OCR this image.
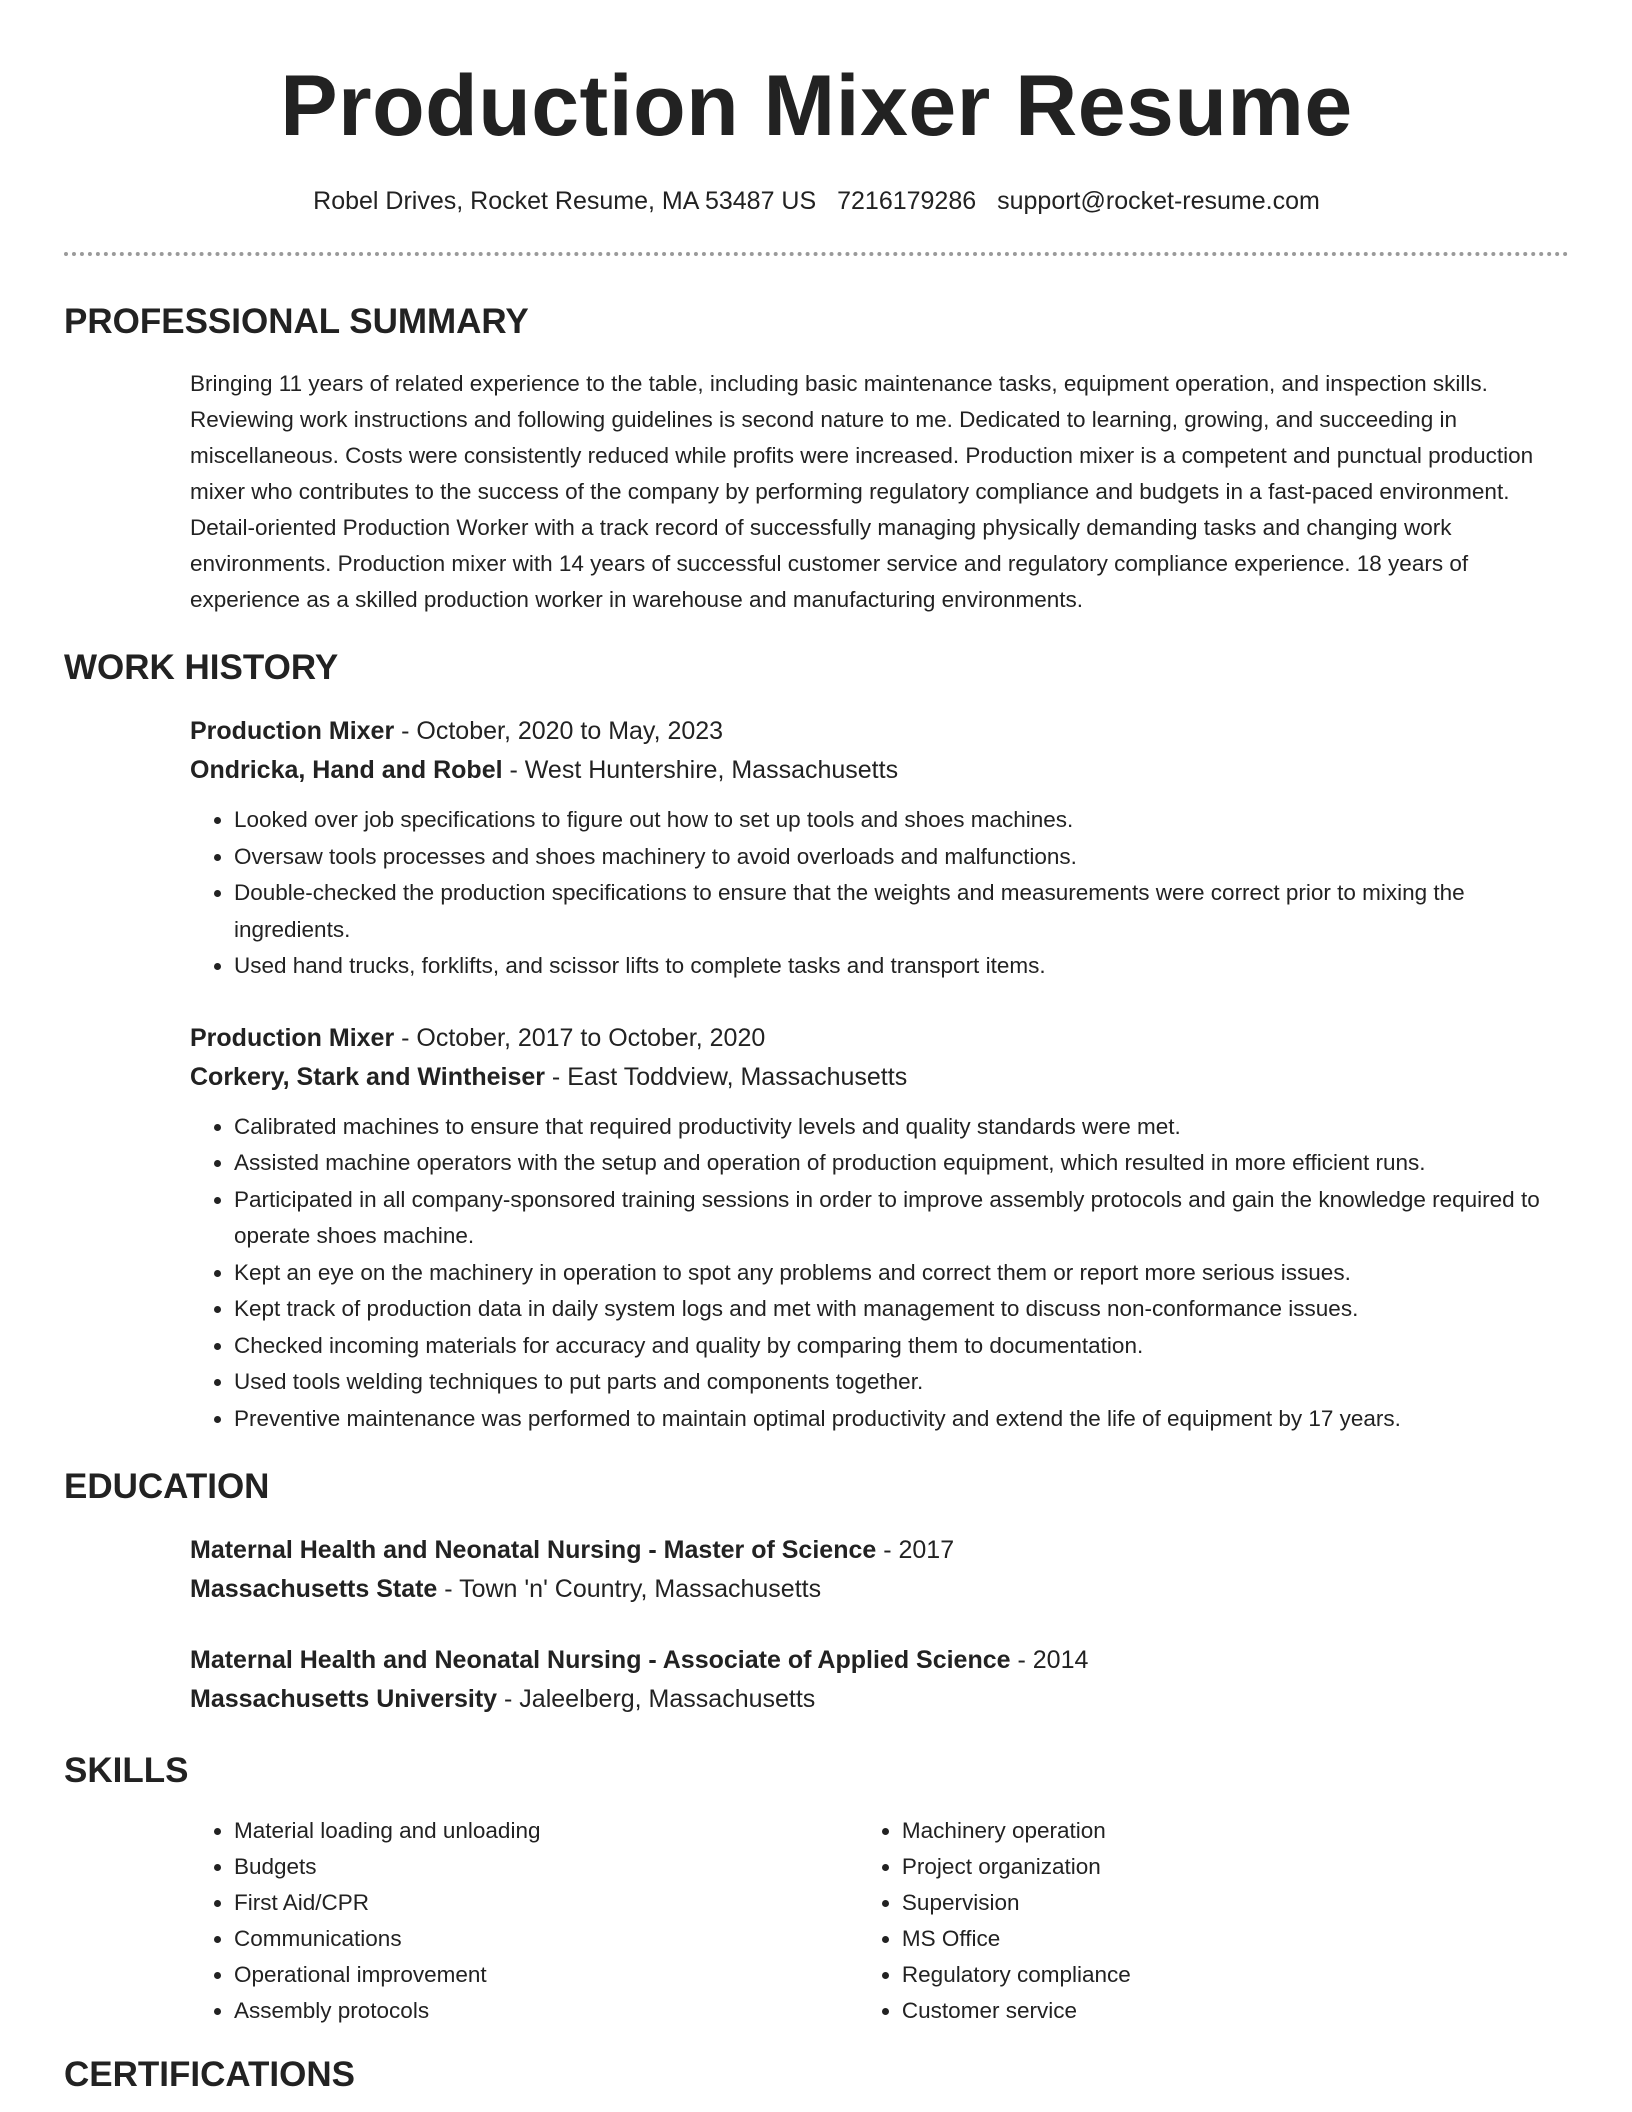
Production Mixer Resume
Robel Drives, Rocket Resume, MA 53487 US 7216179286 support@rocket-resume.com
PROFESSIONAL SUMMARY
Bringing 11 years of related experience to the table, including basic maintenance tasks, equipment operation, and inspection skills. Reviewing work instructions and following guidelines is second nature to me. Dedicated to learning, growing, and succeeding in miscellaneous. Costs were consistently reduced while profits were increased. Production mixer is a competent and punctual production mixer who contributes to the success of the company by performing regulatory compliance and budgets in a fast-paced environment. Detail-oriented Production Worker with a track record of successfully managing physically demanding tasks and changing work environments. Production mixer with 14 years of successful customer service and regulatory compliance experience. 18 years of experience as a skilled production worker in warehouse and manufacturing environments.
WORK HISTORY
Production Mixer - October, 2020 to May, 2023
Ondricka, Hand and Robel - West Huntershire, Massachusetts
• Looked over job specifications to figure out how to set up tools and shoes machines.
• Oversaw tools processes and shoes machinery to avoid overloads and malfunctions.
• Double-checked the production specifications to ensure that the weights and measurements were correct prior to mixing the ingredients.
• Used hand trucks, forklifts, and scissor lifts to complete tasks and transport items.
Production Mixer - October, 2017 to October, 2020
Corkery, Stark and Wintheiser - East Toddview, Massachusetts
• Calibrated machines to ensure that required productivity levels and quality standards were met.
• Assisted machine operators with the setup and operation of production equipment, which resulted in more efficient runs.
• Participated in all company-sponsored training sessions in order to improve assembly protocols and gain the knowledge required to operate shoes machine.
• Kept an eye on the machinery in operation to spot any problems and correct them or report more serious issues.
• Kept track of production data in daily system logs and met with management to discuss non-conformance issues.
• Checked incoming materials for accuracy and quality by comparing them to documentation.
• Used tools welding techniques to put parts and components together.
• Preventive maintenance was performed to maintain optimal productivity and extend the life of equipment by 17 years.
EDUCATION
Maternal Health and Neonatal Nursing - Master of Science - 2017
Massachusetts State - Town 'n' Country, Massachusetts
Maternal Health and Neonatal Nursing - Associate of Applied Science - 2014
Massachusetts University - Jaleelberg, Massachusetts
SKILLS
• Material loading and unloading
• Budgets
• First Aid/CPR
• Communications
• Operational improvement
• Assembly protocols
• Machinery operation
• Project organization
• Supervision
• MS Office
• Regulatory compliance
• Customer service
CERTIFICATIONS
